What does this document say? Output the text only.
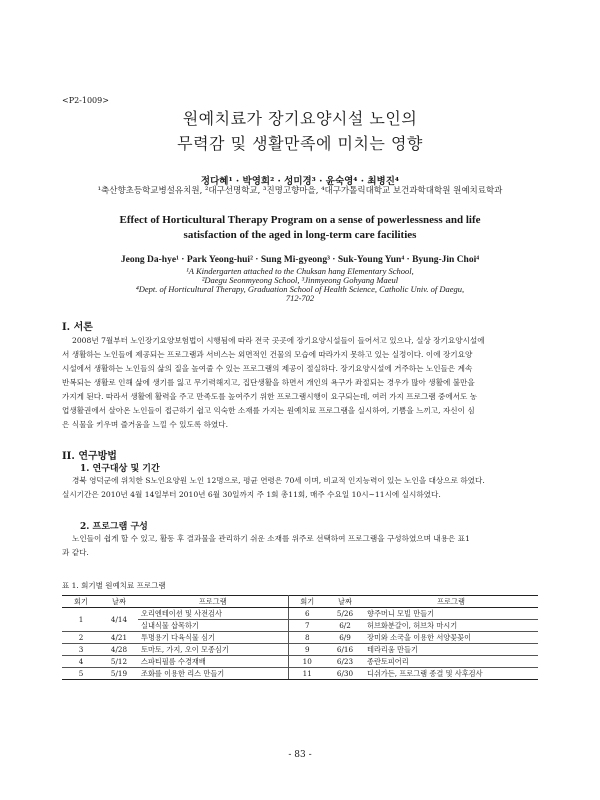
<P2-1009>
원예치료가 장기요양시설 노인의
무력감 및 생활만족에 미치는 영향
정다혜¹ · 박영희² · 성미경³ · 윤숙영⁴ · 최병진⁴
¹축산향초등학교병설유치원, ²대구선명학교, ³진명고향마을, ⁴대구가톨릭대학교 보건과학대학원 원예치료학과
Effect of Horticultural Therapy Program on a sense of powerlessness and life
satisfaction of the aged in long-term care facilities
Jeong Da-hye¹ · Park Yeong-hui² · Sung Mi-gyeong³ · Suk-Young Yun⁴ · Byung-Jin Choi⁴
¹A Kindergarten attached to the Chuksan hang Elementary School,
²Daegu Seonmyeong School, ³Jinmyeong Gohyang Maeul
⁴Dept. of Horticultural Therapy, Graduation School of Health Science, Catholic Univ. of Daegu,
712-702
I. 서론
2008년 7월부터 노인장기요양보험법이 시행됨에 따라 전국 곳곳에 장기요양시설들이 들어서고 있으나, 실상 장기요양시설에
서 생활하는 노인들에 제공되는 프로그램과 서비스는 외면적인 건물의 모습에 따라가지 못하고 있는 실정이다. 이에 장기요양
시설에서 생활하는 노인들의 삶의 질을 높여줄 수 있는 프로그램의 제공이 절실하다. 장기요양시설에 거주하는 노인들은 계속
반복되는 생활로 인해 삶에 생기를 잃고 무기력해지고, 집단생활을 하면서 개인의 욕구가 좌절되는 경우가 많아 생활에 불만을
가지게 된다. 따라서 생활에 활력을 주고 만족도를 높여주기 위한 프로그램시행이 요구되는데, 여러 가지 프로그램 중에서도 농
업생활권에서 살아온 노인들이 접근하기 쉽고 익숙한 소재를 가지는 원예치료 프로그램을 실시하여, 기쁨을 느끼고, 자신이 심
은 식물을 키우며 즐거움을 느낄 수 있도록 하였다.
II. 연구방법
1. 연구대상 및 기간
경북 영덕군에 위치한 S노인요양원 노인 12명으로, 평균 연령은 70세 이며, 비교적 인지능력이 있는 노인을 대상으로 하였다.
실시기간은 2010년 4월 14일부터 2010년 6월 30일까지 주 1회 총11회, 매주 수요일 10시~11시에 실시하였다.
2. 프로그램 구성
노인들이 쉽게 할 수 있고, 활동 후 결과물을 관리하기 쉬운 소재를 위주로 선택하여 프로그램을 구성하였으며 내용은 표1
과 같다.
표 1. 회기별 원예치료 프로그램
회기	날짜	프로그램	회기	날짜	프로그램
1	4/14	오리엔테이션 및 사전검사	6	5/26	향주머니 모빌 만들기
		실내식물 삽목하기	7	6/2	허브화분갈이, 허브차 마시기
2	4/21	투명용기 다육식물 심기	8	6/9	장미와 소국을 이용한 서양꽃꽂이
3	4/28	토마토, 가지, 오이 모종심기	9	6/16	테라리움 만들기
4	5/12	스파티필름 수경재배	10	6/23	종란토피어리
5	5/19	조화를 이용한 리스 만들기	11	6/30	디쉬가든, 프로그램 종결 및 사후검사
- 83 -
